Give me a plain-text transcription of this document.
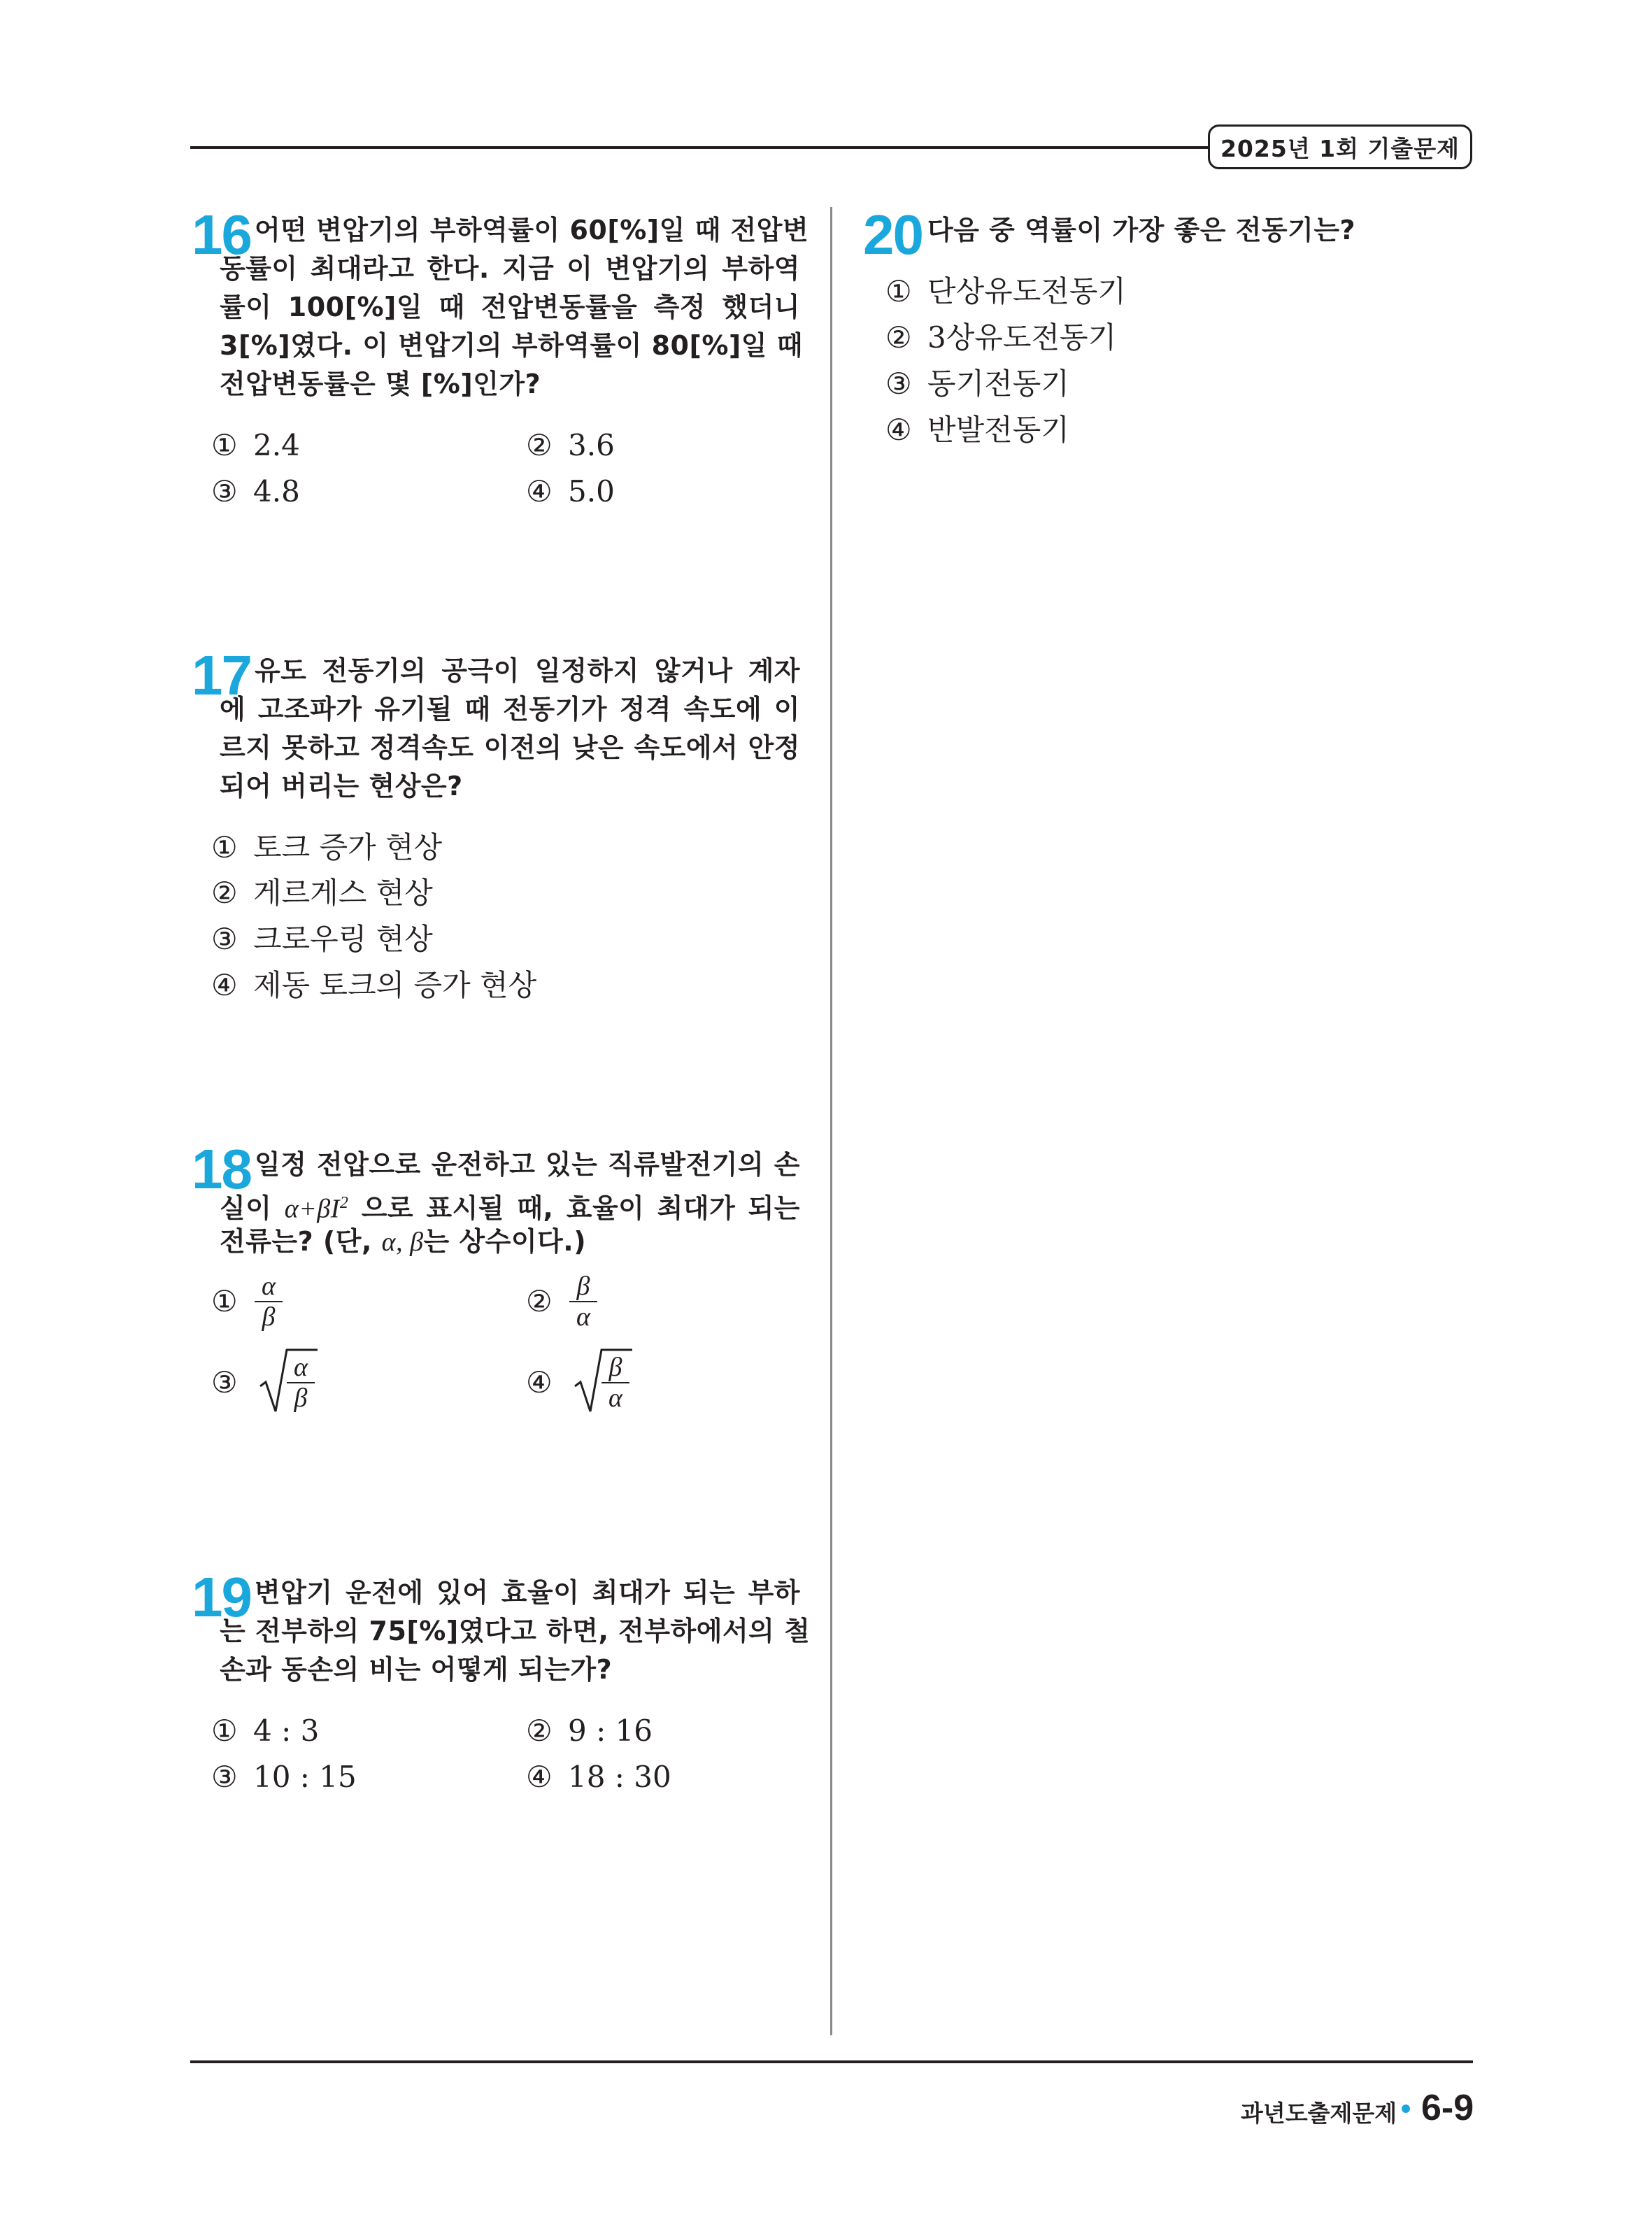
2025년 1회 기출문제
16 어떤 변압기의 부하역률이 60[%]일 때 전압변
동률이 최대라고 한다. 지금 이 변압기의 부하역
률이 100[%]일 때 전압변동률을 측정 했더니
3[%]였다. 이 변압기의 부하역률이 80[%]일 때
전압변동률은 몇 [%]인가?
① 2.4	② 3.6
③ 4.8	④ 5.0
17 유도 전동기의 공극이 일정하지 않거나 계자
에 고조파가 유기될 때 전동기가 정격 속도에 이
르지 못하고 정격속도 이전의 낮은 속도에서 안정
되어 버리는 현상은?
① 토크 증가 현상
② 게르게스 현상
③ 크로우링 현상
④ 제동 토크의 증가 현상
18 일정 전압으로 운전하고 있는 직류발전기의 손
실이 $\alpha+\beta I^2$ 으로 표시될 때, 효율이 최대가 되는
전류는? (단, α, β는 상수이다.)
① α
β	② β
α
③ α
β	④ β
α
19 변압기 운전에 있어 효율이 최대가 되는 부하
는 전부하의 75[%]였다고 하면, 전부하에서의 철
손과 동손의 비는 어떻게 되는가?
① 4 : 3	② 9 : 16
③ 10 : 15	④ 18 : 30
20 다음 중 역률이 가장 좋은 전동기는?
① 단상유도전동기
② 3상유도전동기
③ 동기전동기
④ 반발전동기
과년도출제문제 6-9
